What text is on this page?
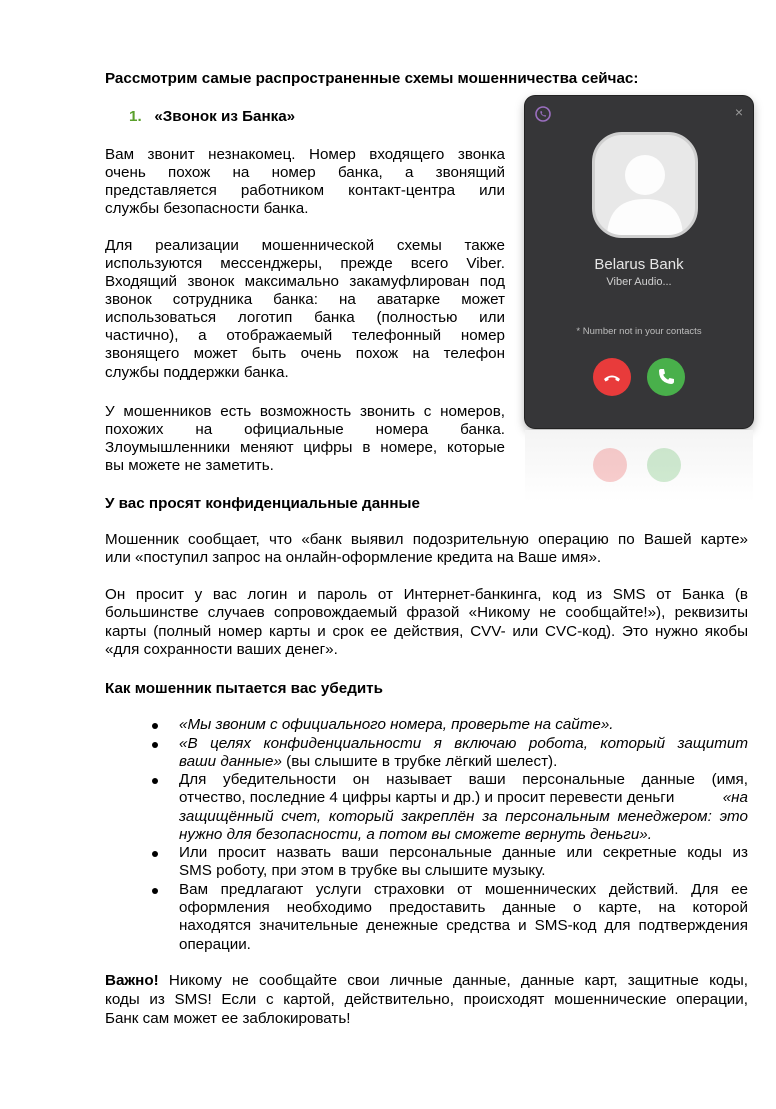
Рассмотрим самые распространенные схемы мошенничества сейчас:
1. «Звонок из Банка»
Вам звонит незнакомец. Номер входящего звонка
очень похож на номер банка, а звонящий
представляется работником контакт-центра или
службы безопасности банка.
Для реализации мошеннической схемы также
используются мессенджеры, прежде всего Viber.
Входящий звонок максимально закамуфлирован под
звонок сотрудника банка: на аватарке может
использоваться логотип банка (полностью или
частично), а отображаемый телефонный номер
звонящего может быть очень похож на телефон
службы поддержки банка.
У мошенников есть возможность звонить с номеров,
похожих на официальные номера банка.
Злоумышленники меняют цифры в номере, которые
вы можете не заметить.
У вас просят конфиденциальные данные
Мошенник сообщает, что «банк выявил подозрительную операцию по Вашей карте»
или «поступил запрос на онлайн-оформление кредита на Ваше имя».
Он просит у вас логин и пароль от Интернет-банкинга, код из SMS от Банка (в
большинстве случаев сопровождаемый фразой «Никому не сообщайте!»), реквизиты
карты (полный номер карты и срок ее действия, CVV- или CVC-код). Это нужно якобы
«для сохранности ваших денег».
Как мошенник пытается вас убедить
«Мы звоним с официального номера, проверьте на сайте».
«В целях конфиденциальности я включаю робота, который защитит
ваши данные» (вы слышите в трубке лёгкий шелест).
Для убедительности он называет ваши персональные данные (имя,
отчество, последние 4 цифры карты и др.) и просит перевести деньги	«на
защищённый счет, который закреплён за персональным менеджером: это
нужно для безопасности, а потом вы сможете вернуть деньги».
Или просит назвать ваши персональные данные или секретные коды из
SMS роботу, при этом в трубке вы слышите музыку.
Вам предлагают услуги страховки от мошеннических действий. Для ее
оформления необходимо предоставить данные о карте, на которой
находятся значительные денежные средства и SMS-код для подтверждения
операции.
Важно! Никому не сообщайте свои личные данные, данные карт, защитные коды,
коды из SMS! Если с картой, действительно, происходят мошеннические операции,
Банк сам может ее заблокировать!
×
Belarus Bank
Viber Audio...
* Number not in your contacts
